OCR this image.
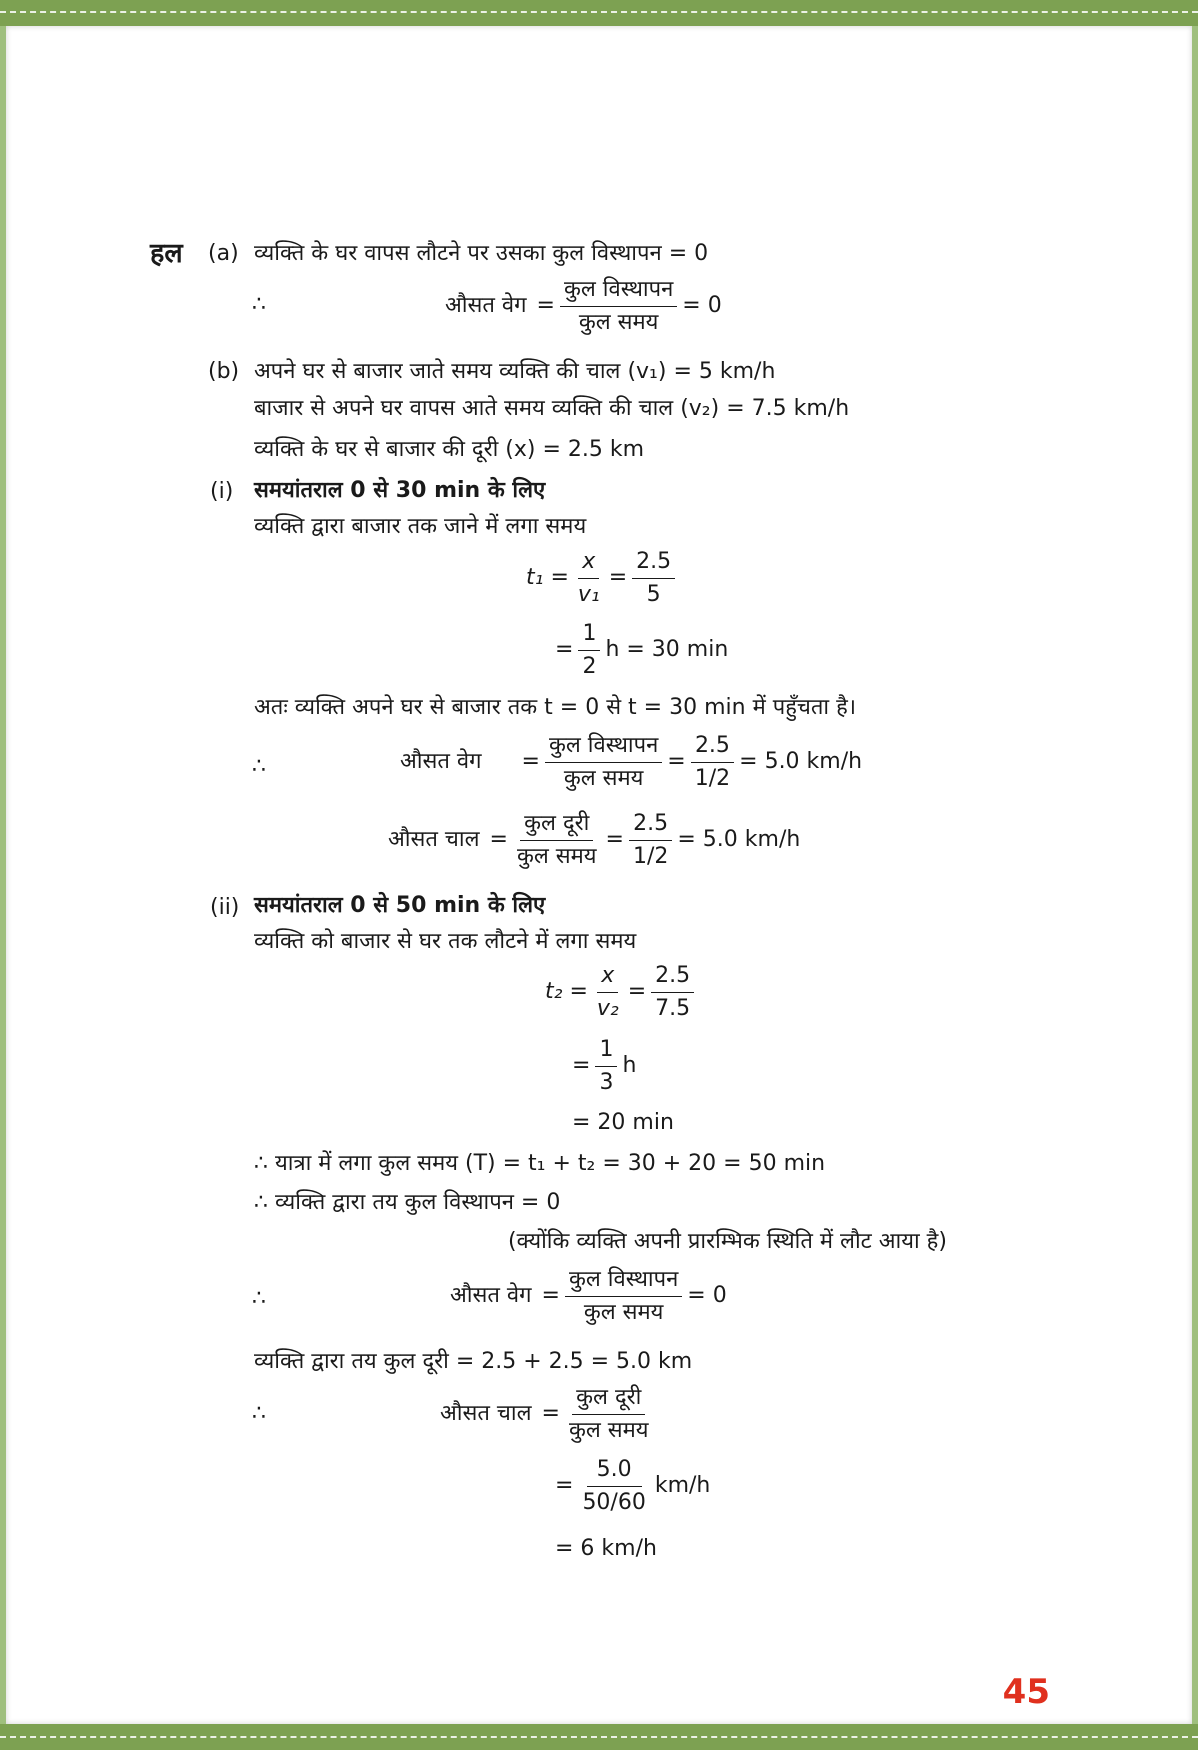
हल (a) व्यक्ति के घर वापस लौटने पर उसका कुल विस्थापन = 0
∴	औसत वेग = $\frac{\text{कुल विस्थापन}}{\text{कुल समय}} = 0$
(b) अपने घर से बाजार जाते समय व्यक्ति की चाल (v₁) = 5 km/h
बाजार से अपने घर वापस आते समय व्यक्ति की चाल (v₂) = 7.5 km/h
व्यक्ति के घर से बाजार की दूरी (x) = 2.5 km
(i) समयांतराल 0 से 30 min के लिए
व्यक्ति द्वारा बाजार तक जाने में लगा समय
$t_1 = \frac{x}{\text{v₁}} = \frac{2.5}{5}$
= $\frac{1}{2}$ h = 30 min
अतः व्यक्ति अपने घर से बाजार तक t = 0 से t = 30 min में पहुँचता है।
∴	औसत वेग = $\frac{\text{कुल विस्थापन}}{\text{कुल समय}} = \frac{2.5}{1/2} = 5.0$ km/h
औसत चाल = $\frac{\text{कुल दूरी}}{\text{कुल समय}} = \frac{2.5}{1/2} = 5.0$ km/h
(ii) समयांतराल 0 से 50 min के लिए
व्यक्ति को बाजार से घर तक लौटने में लगा समय
$t_2 = \frac{x}{\text{v₂}} = \frac{2.5}{7.5}$
= $\frac{1}{3}$ h
= 20 min
∴ यात्रा में लगा कुल समय (T) = t₁ + t₂ = 30 + 20 = 50 min
∴ व्यक्ति द्वारा तय कुल विस्थापन = 0
(क्योंकि व्यक्ति अपनी प्रारम्भिक स्थिति में लौट आया है)
∴	औसत वेग = $\frac{\text{कुल विस्थापन}}{\text{कुल समय}} = 0$
व्यक्ति द्वारा तय कुल दूरी = 2.5 + 2.5 = 5.0 km
∴	औसत चाल = $\frac{\text{कुल दूरी}}{\text{कुल समय}}$
= $\frac{5.0}{50/60} km/h$
= 6 km/h
45
